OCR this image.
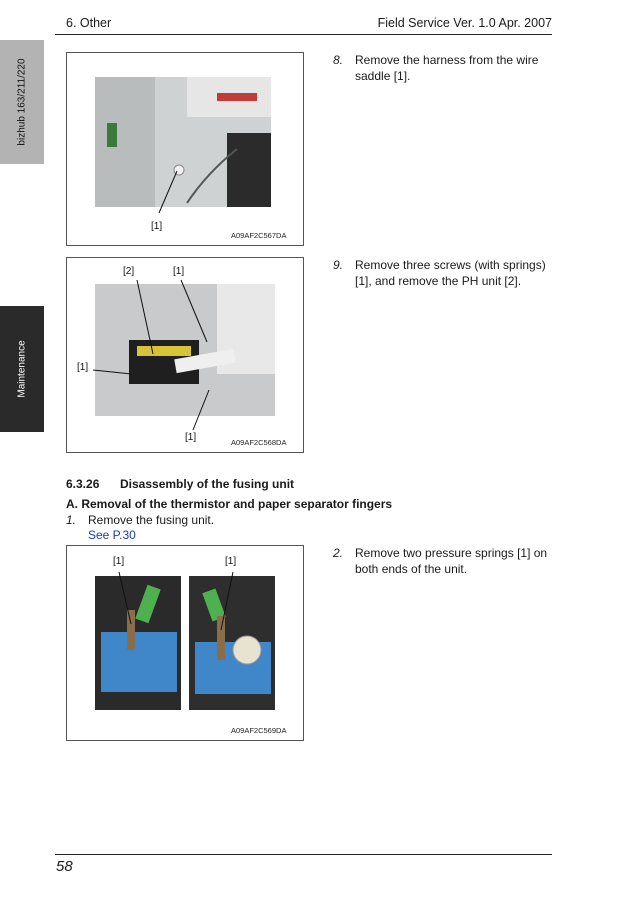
6. Other	Field Service Ver. 1.0 Apr. 2007
bizhub 163/211/220
Maintenance
[1]
A09AF2C567DA
8. Remove the harness from the wire saddle [1].
[2]	[1]
[1]
[1]	A09AF2C568DA
9. Remove three screws (with springs) [1], and remove the PH unit [2].
6.3.26 Disassembly of the fusing unit
A. Removal of the thermistor and paper separator fingers
1. Remove the fusing unit.
See P.30
[1]	[1]
A09AF2C569DA
2. Remove two pressure springs [1] on both ends of the unit.
58
